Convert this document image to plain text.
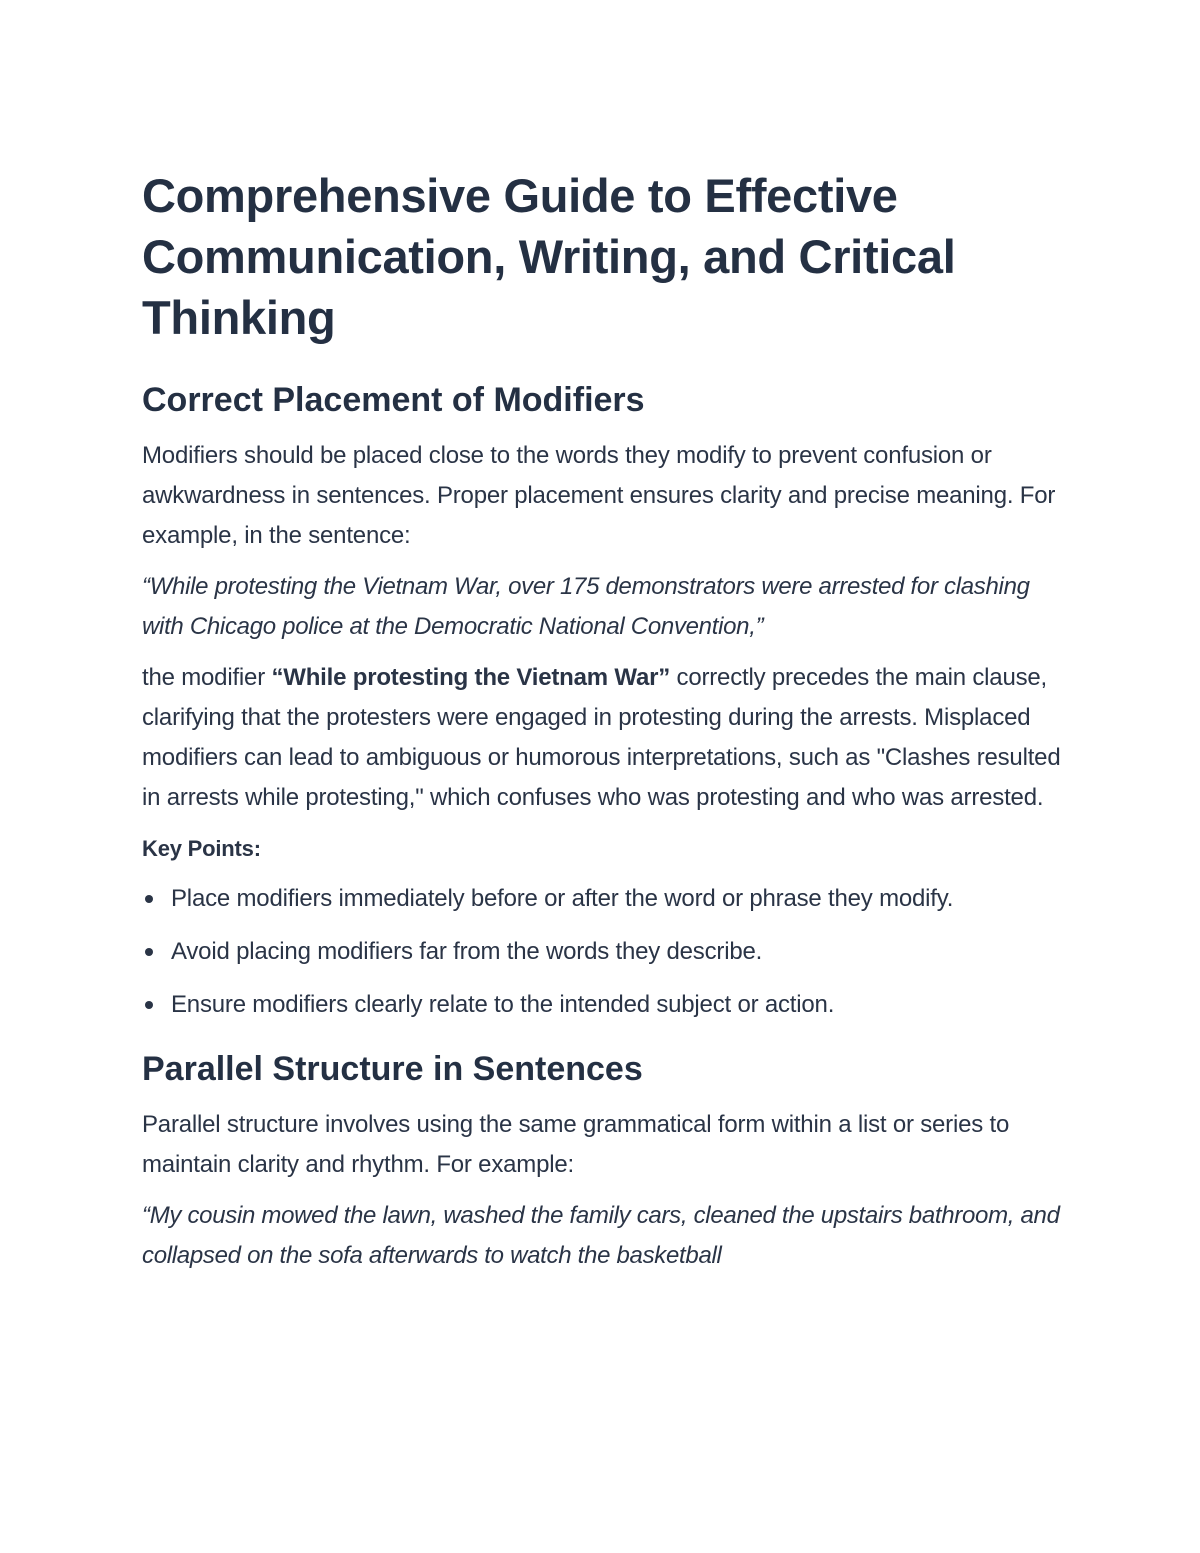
Comprehensive Guide to Effective Communication, Writing, and Critical Thinking
Correct Placement of Modifiers

Modifiers should be placed close to the words they modify to prevent confusion or awkwardness in sentences. Proper placement ensures clarity and precise meaning. For example, in the sentence:

“While protesting the Vietnam War, over 175 demonstrators were arrested for clashing with Chicago police at the Democratic National Convention,”

the modifier “While protesting the Vietnam War” correctly precedes the main clause, clarifying that the protesters were engaged in protesting during the arrests. Misplaced modifiers can lead to ambiguous or humorous interpretations, such as "Clashes resulted in arrests while protesting," which confuses who was protesting and who was arrested.

Key Points:

Place modifiers immediately before or after the word or phrase they modify.
Avoid placing modifiers far from the words they describe.
Ensure modifiers clearly relate to the intended subject or action.
Parallel Structure in Sentences

Parallel structure involves using the same grammatical form within a list or series to maintain clarity and rhythm. For example:

“My cousin mowed the lawn, washed the family cars, cleaned the upstairs bathroom, and collapsed on the sofa afterwards to watch the basketball
